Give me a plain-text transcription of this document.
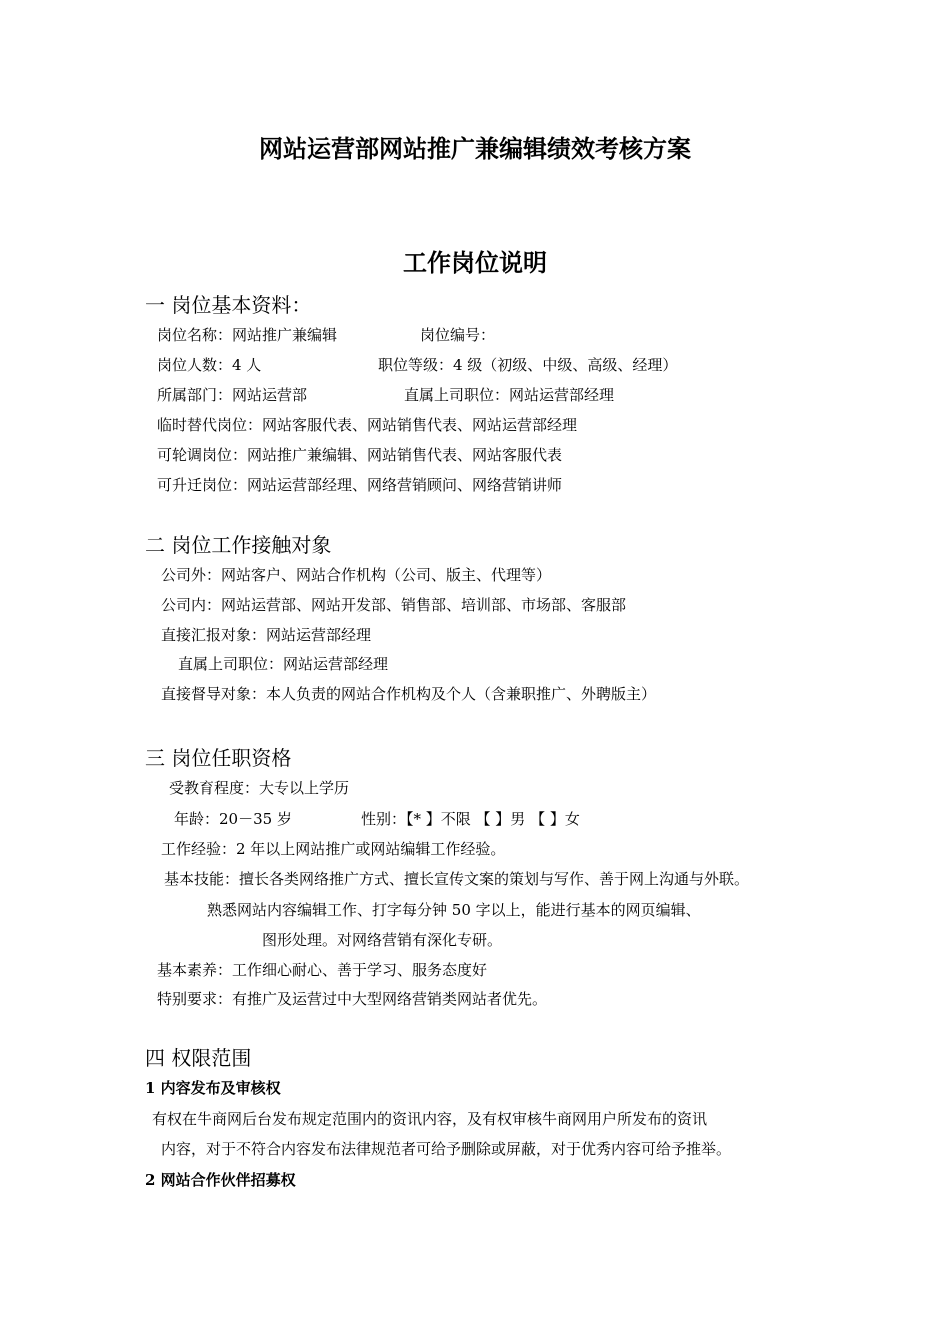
网站运营部网站推广兼编辑绩效考核方案
工作岗位说明
一 岗位基本资料：
岗位名称：网站推广兼编辑	岗位编号：
岗位人数：4 人	职位等级：4 级（初级、中级、高级、经理）
所属部门：网站运营部	直属上司职位：网站运营部经理
临时替代岗位：网站客服代表、网站销售代表、网站运营部经理
可轮调岗位：网站推广兼编辑、网站销售代表、网站客服代表
可升迁岗位：网站运营部经理、网络营销顾问、网络营销讲师
二 岗位工作接触对象
公司外：网站客户、网站合作机构（公司、版主、代理等）
公司内：网站运营部、网站开发部、销售部、培训部、市场部、客服部
直接汇报对象：网站运营部经理
直属上司职位：网站运营部经理
直接督导对象：本人负责的网站合作机构及个人（含兼职推广、外聘版主）
三 岗位任职资格
受教育程度：大专以上学历
年龄：20－35 岁	性别：【* 】不限 【 】男 【 】女
工作经验：2 年以上网站推广或网站编辑工作经验。
基本技能：擅长各类网络推广方式、擅长宣传文案的策划与写作、善于网上沟通与外联。
熟悉网站内容编辑工作、打字每分钟 50 字以上，能进行基本的网页编辑、
图形处理。对网络营销有深化专研。
基本素养：工作细心耐心、善于学习、服务态度好
特别要求：有推广及运营过中大型网络营销类网站者优先。
四 权限范围
1 内容发布及审核权
有权在牛商网后台发布规定范围内的资讯内容，及有权审核牛商网用户所发布的资讯
内容，对于不符合内容发布法律规范者可给予删除或屏蔽，对于优秀内容可给予推举。
2 网站合作伙伴招募权
